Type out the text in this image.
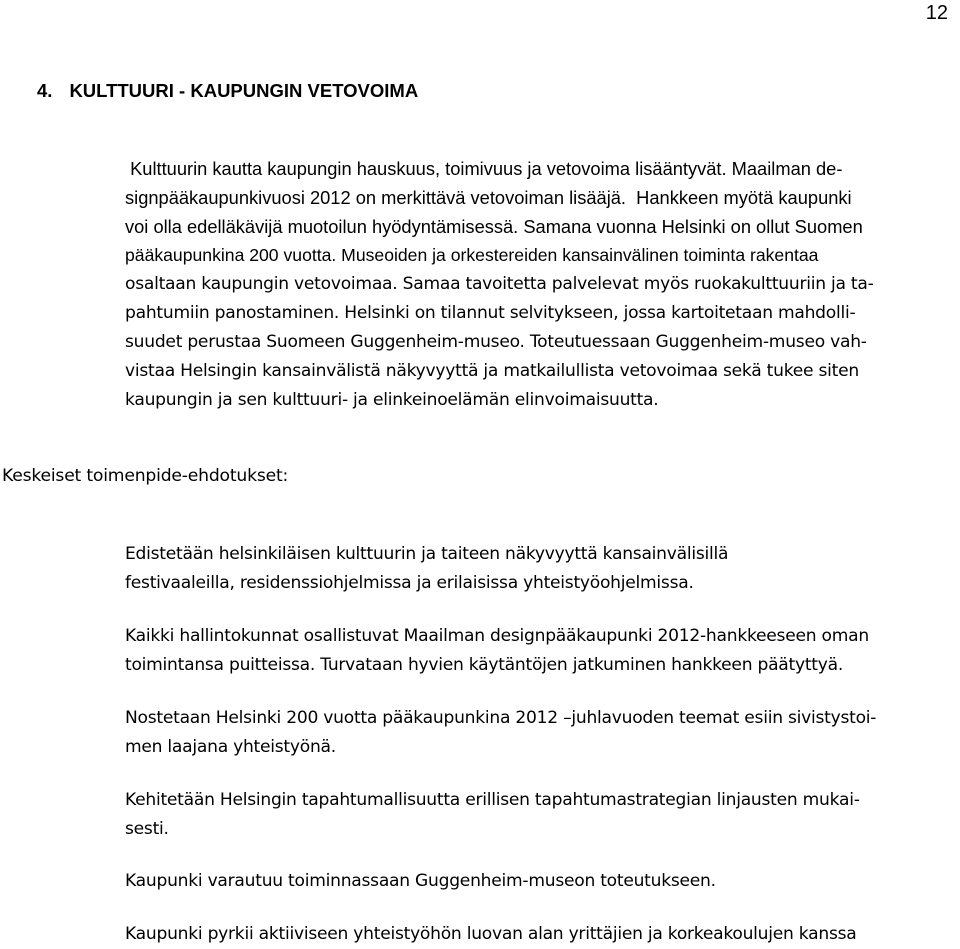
12
4. KULTTUURI - KAUPUNGIN VETOVOIMA
Kulttuurin kautta kaupungin hauskuus, toimivuus ja vetovoima lisääntyvät. Maailman de-
signpääkaupunkivuosi 2012 on merkittävä vetovoiman lisääjä.  Hankkeen myötä kaupunki
voi olla edelläkävijä muotoilun hyödyntämisessä. Samana vuonna Helsinki on ollut Suomen
pääkaupunkina 200 vuotta. Museoiden ja orkestereiden kansainvälinen toiminta rakentaa
osaltaan kaupungin vetovoimaa. Samaa tavoitetta palvelevat myös ruokakulttuuriin ja ta-
pahtumiin panostaminen. Helsinki on tilannut selvitykseen, jossa kartoitetaan mahdolli-
suudet perustaa Suomeen Guggenheim-museo. Toteutuessaan Guggenheim-museo vah-
vistaa Helsingin kansainvälistä näkyvyyttä ja matkailullista vetovoimaa sekä tukee siten
kaupungin ja sen kulttuuri- ja elinkeinoelämän elinvoimaisuutta.
Keskeiset toimenpide-ehdotukset:
Edistetään helsinkiläisen kulttuurin ja taiteen näkyvyyttä kansainvälisillä
festivaaleilla, residenssiohjelmissa ja erilaisissa yhteistyöohjelmissa.
Kaikki hallintokunnat osallistuvat Maailman designpääkaupunki 2012-hankkeeseen oman
toimintansa puitteissa. Turvataan hyvien käytäntöjen jatkuminen hankkeen päätyttyä.
Nostetaan Helsinki 200 vuotta pääkaupunkina 2012 –juhlavuoden teemat esiin sivistystoi-
men laajana yhteistyönä.
Kehitetään Helsingin tapahtumallisuutta erillisen tapahtumastrategian linjausten mukai-
sesti.
Kaupunki varautuu toiminnassaan Guggenheim-museon toteutukseen.
Kaupunki pyrkii aktiiviseen yhteistyöhön luovan alan yrittäjien ja korkeakoulujen kanssa
